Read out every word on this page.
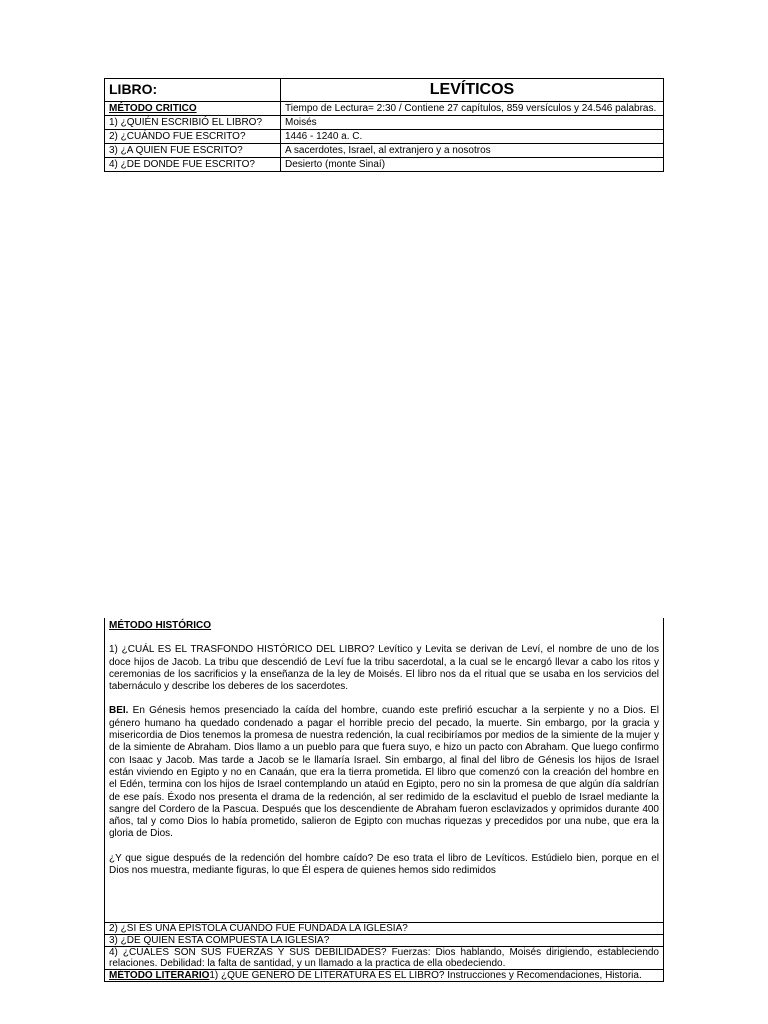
LIBRO:	LEVÍTICOS

MÉTODO CRITICO	Tiempo de Lectura= 2:30 / Contiene 27 capítulos, 859 versículos y 24.546 palabras.
1) ¿QUIÉN ESCRIBIÓ EL LIBRO?	Moisés
2) ¿CUÁNDO FUE ESCRITO?	1446 - 1240 a. C.
3) ¿A QUIEN FUE ESCRITO?	A sacerdotes, Israel, al extranjero y a nosotros
4) ¿DE DONDE FUE ESCRITO?	Desierto (monte Sinaí)

MÉTODO HISTÓRICO

1) ¿CUÁL ES EL TRASFONDO HISTÓRICO DEL LIBRO? Levítico y Levita se derivan de Leví, el nombre de uno de los doce hijos de Jacob. La tribu que descendió de Leví fue la tribu sacerdotal, a la cual se le encargó llevar a cabo los ritos y ceremonias de los sacrificios y la enseñanza de la ley de Moisés. El libro nos da el ritual que se usaba en los servicios del tabernáculo y describe los deberes de los sacerdotes.

BEI. En Génesis hemos presenciado la caída del hombre, cuando este prefirió escuchar a la serpiente y no a Dios. El género humano ha quedado condenado a pagar el horrible precio del pecado, la muerte. Sin embargo, por la gracia y misericordia de Dios tenemos la promesa de nuestra redención, la cual recibiríamos por medios de la simiente de la mujer y de la simiente de Abraham. Dios llamo a un pueblo para que fuera suyo, e hizo un pacto con Abraham. Que luego confirmo con Isaac y Jacob. Mas tarde a Jacob se le llamaría Israel. Sin embargo, al final del libro de Génesis los hijos de Israel están viviendo en Egipto y no en Canaán, que era la tierra prometida. El libro que comenzó con la creación del hombre en el Edén, termina con los hijos de Israel contemplando un ataúd en Egipto, pero no sin la promesa de que algún día saldrían de ese país. Éxodo nos presenta el drama de la redención, al ser redimido de la esclavitud el pueblo de Israel mediante la sangre del Cordero de la Pascua. Después que los descendiente de Abraham fueron esclavizados y oprimidos durante 400 años, tal y como Dios lo había prometido, salieron de Egipto con muchas riquezas y precedidos por una nube, que era la gloria de Dios.

¿Y que sigue después de la redención del hombre caído? De eso trata el libro de Levíticos. Estúdielo bien, porque en el Dios nos muestra, mediante figuras, lo que Él espera de quienes hemos sido redimidos

2) ¿SI ES UNA EPISTOLA CUANDO FUE FUNDADA LA IGLESIA?
3) ¿DE QUIEN ESTA COMPUESTA LA IGLESIA?
4) ¿CUALES SON SUS FUERZAS Y SUS DEBILIDADES? Fuerzas: Dios hablando, Moisés dirigiendo, estableciendo relaciones. Debilidad: la falta de santidad, y un llamado a la practica de ella obedeciendo.
MÉTODO LITERARIO1) ¿QUE GENERO DE LITERATURA ES EL LIBRO? Instrucciones y Recomendaciones, Historia.
